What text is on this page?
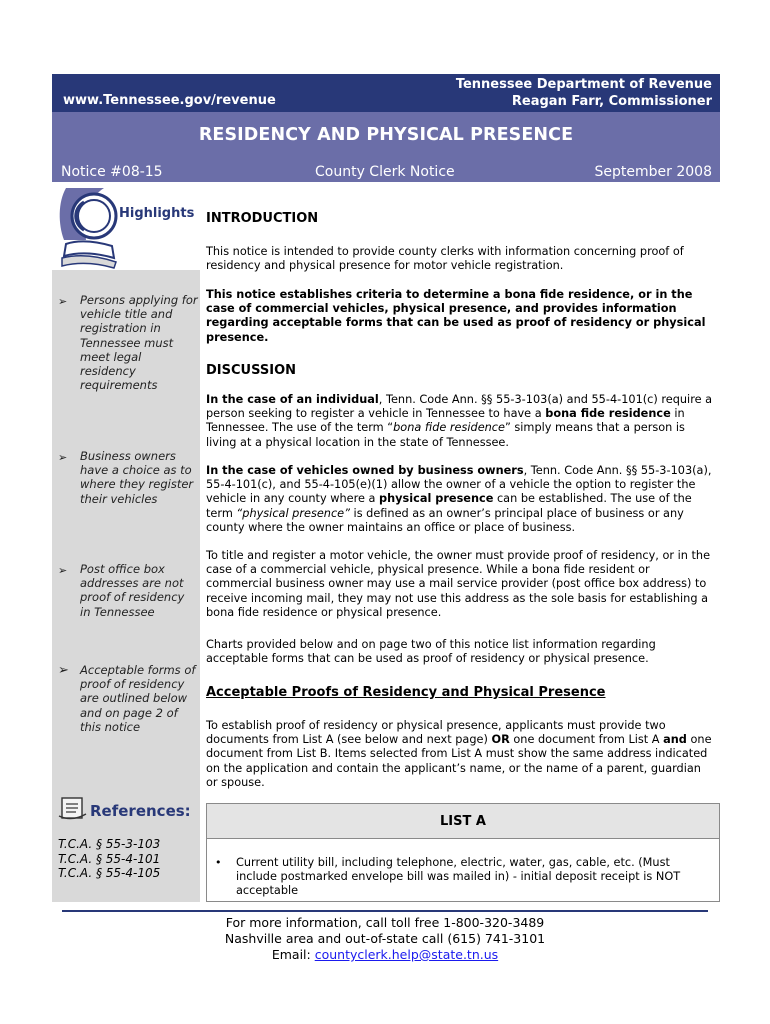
www.Tennessee.gov/revenue
Tennessee Department of Revenue
Reagan Farr, Commissioner
RESIDENCY AND PHYSICAL PRESENCE
Notice #08-15	County Clerk Notice	September 2008
Highlights
➢ Persons applying for vehicle title and registration in Tennessee must meet legal residency requirements
➢ Business owners have a choice as to where they register their vehicles
➢ Post office box addresses are not proof of residency in Tennessee
➢ Acceptable forms of proof of residency are outlined below and on page 2 of this notice
References:
T.C.A. § 55-3-103
T.C.A. § 55-4-101
T.C.A. § 55-4-105
INTRODUCTION
This notice is intended to provide county clerks with information concerning proof of residency and physical presence for motor vehicle registration.
This notice establishes criteria to determine a bona fide residence, or in the case of commercial vehicles, physical presence, and provides information regarding acceptable forms that can be used as proof of residency or physical presence.
DISCUSSION
In the case of an individual, Tenn. Code Ann. §§ 55-3-103(a) and 55-4-101(c) require a person seeking to register a vehicle in Tennessee to have a bona fide residence in Tennessee. The use of the term “bona fide residence” simply means that a person is living at a physical location in the state of Tennessee.
In the case of vehicles owned by business owners, Tenn. Code Ann. §§ 55-3-103(a), 55-4-101(c), and 55-4-105(e)(1) allow the owner of a vehicle the option to register the vehicle in any county where a physical presence can be established. The use of the term “physical presence” is defined as an owner’s principal place of business or any county where the owner maintains an office or place of business.
To title and register a motor vehicle, the owner must provide proof of residency, or in the case of a commercial vehicle, physical presence. While a bona fide resident or commercial business owner may use a mail service provider (post office box address) to receive incoming mail, they may not use this address as the sole basis for establishing a bona fide residence or physical presence.
Charts provided below and on page two of this notice list information regarding acceptable forms that can be used as proof of residency or physical presence.
Acceptable Proofs of Residency and Physical Presence
To establish proof of residency or physical presence, applicants must provide two documents from List A (see below and next page) OR one document from List A and one document from List B. Items selected from List A must show the same address indicated on the application and contain the applicant’s name, or the name of a parent, guardian or spouse.
LIST A
• Current utility bill, including telephone, electric, water, gas, cable, etc. (Must include postmarked envelope bill was mailed in) - initial deposit receipt is NOT acceptable
For more information, call toll free 1-800-320-3489
Nashville area and out-of-state call (615) 741-3101
Email: countyclerk.help@state.tn.us
